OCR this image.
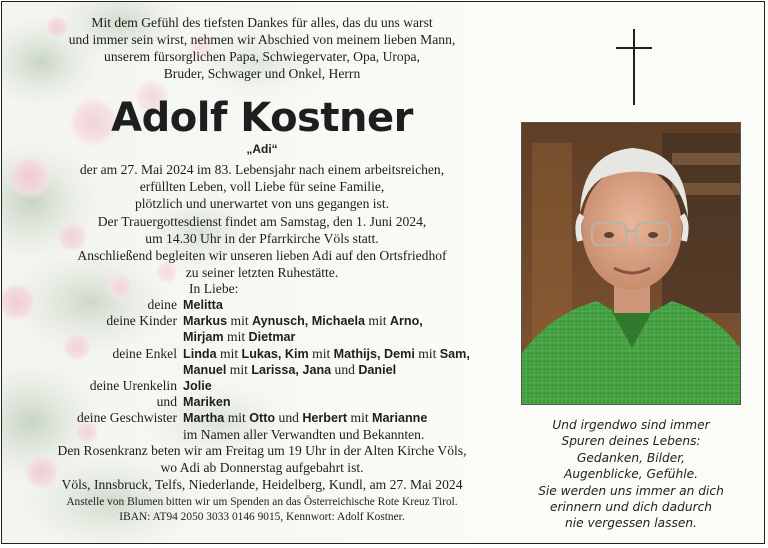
Mit dem Gefühl des tiefsten Dankes für alles, das du uns warst
und immer sein wirst, nehmen wir Abschied von meinem lieben Mann,
unserem fürsorglichen Papa, Schwiegervater, Opa, Uropa,
Bruder, Schwager und Onkel, Herrn
Adolf Kostner
„Adi“
der am 27. Mai 2024 im 83. Lebensjahr nach einem arbeitsreichen,
erfüllten Leben, voll Liebe für seine Familie,
plötzlich und unerwartet von uns gegangen ist.
Der Trauergottesdienst findet am Samstag, den 1. Juni 2024,
um 14.30 Uhr in der Pfarrkirche Völs statt.
Anschließend begleiten wir unseren lieben Adi auf den Ortsfriedhof
zu seiner letzten Ruhestätte.
In Liebe:
deine Melitta
deine Kinder Markus mit Aynusch, Michaela mit Arno,
Mirjam mit Dietmar
deine Enkel Linda mit Lukas, Kim mit Mathijs, Demi mit Sam,
Manuel mit Larissa, Jana und Daniel
deine Urenkelin Jolie
und Mariken
deine Geschwister Martha mit Otto und Herbert mit Marianne
im Namen aller Verwandten und Bekannten.
Den Rosenkranz beten wir am Freitag um 19 Uhr in der Alten Kirche Völs,
wo Adi ab Donnerstag aufgebahrt ist.
Völs, Innsbruck, Telfs, Niederlande, Heidelberg, Kundl, am 27. Mai 2024
Anstelle von Blumen bitten wir um Spenden an das Österreichische Rote Kreuz Tirol.
IBAN: AT94 2050 3033 0146 9015, Kennwort: Adolf Kostner.
Und irgendwo sind immer
Spuren deines Lebens:
Gedanken, Bilder,
Augenblicke, Gefühle.
Sie werden uns immer an dich
erinnern und dich dadurch
nie vergessen lassen.
